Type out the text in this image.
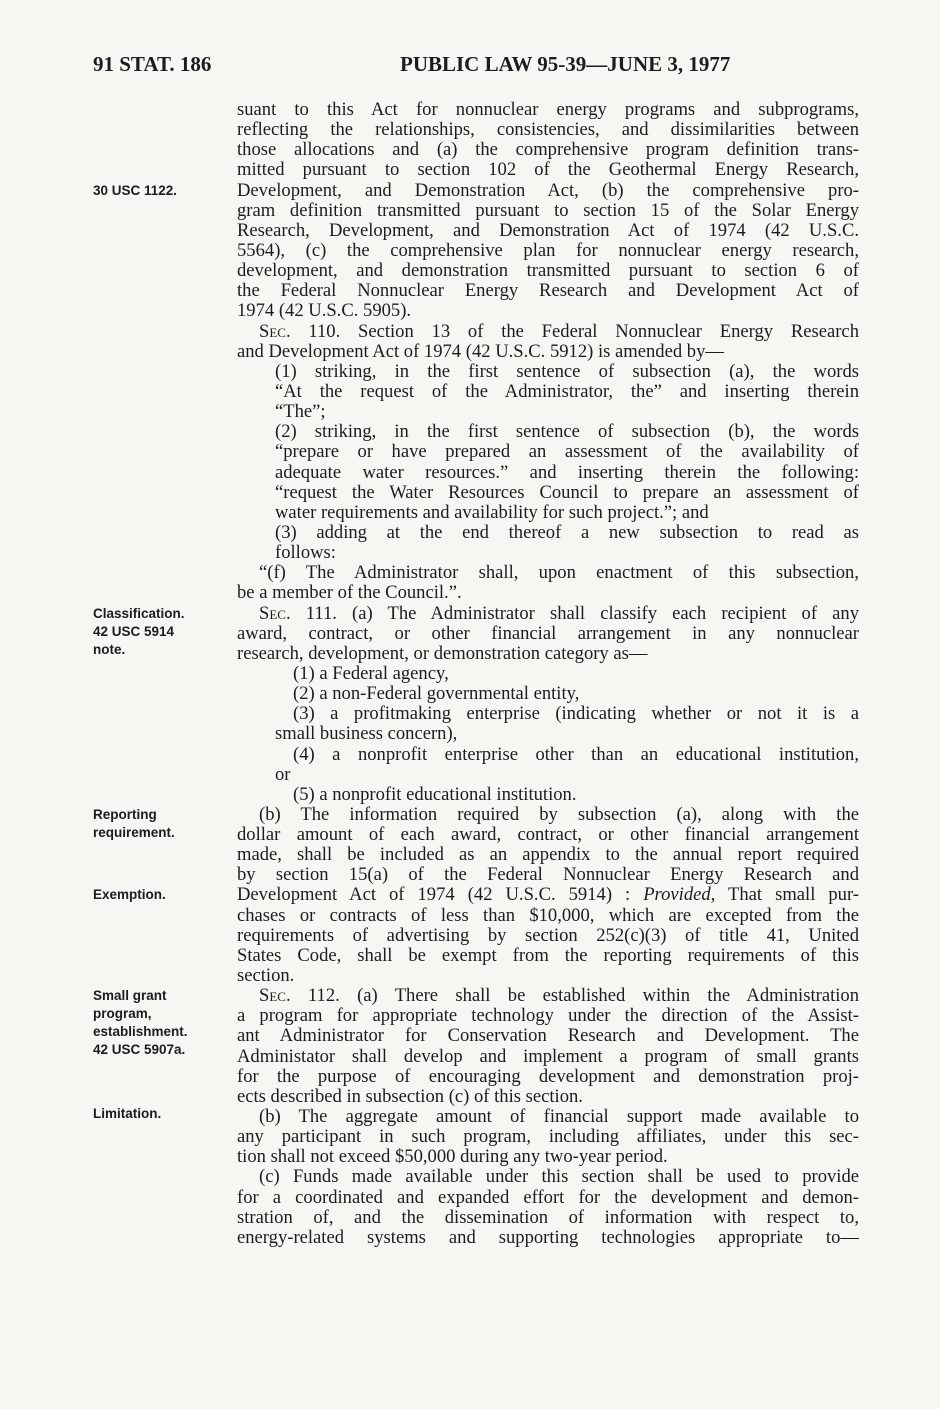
91 STAT. 186	PUBLIC LAW 95-39—JUNE 3, 1977
30 USC 1122.
Classification.
42 USC 5914
note.
Reporting
requirement.
Exemption.
Small grant
program,
establishment.
42 USC 5907a.
Limitation.
suant to this Act for nonnuclear energy programs and subprograms,
reflecting the relationships, consistencies, and dissimilarities between
those allocations and (a) the comprehensive program definition trans-
mitted pursuant to section 102 of the Geothermal Energy Research,
Development, and Demonstration Act, (b) the comprehensive pro-
gram definition transmitted pursuant to section 15 of the Solar Energy
Research, Development, and Demonstration Act of 1974 (42 U.S.C.
5564), (c) the comprehensive plan for nonnuclear energy research,
development, and demonstration transmitted pursuant to section 6 of
the Federal Nonnuclear Energy Research and Development Act of
1974 (42 U.S.C. 5905).
Sec. 110. Section 13 of the Federal Nonnuclear Energy Research
and Development Act of 1974 (42 U.S.C. 5912) is amended by—
(1) striking, in the first sentence of subsection (a), the words
“At the request of the Administrator, the” and inserting therein
“The”;
(2) striking, in the first sentence of subsection (b), the words
“prepare or have prepared an assessment of the availability of
adequate water resources.” and inserting therein the following:
“request the Water Resources Council to prepare an assessment of
water requirements and availability for such project.”; and
(3) adding at the end thereof a new subsection to read as
follows:
“(f) The Administrator shall, upon enactment of this subsection,
be a member of the Council.”.
Sec. 111. (a) The Administrator shall classify each recipient of any
award, contract, or other financial arrangement in any nonnuclear
research, development, or demonstration category as—
(1) a Federal agency,
(2) a non-Federal governmental entity,
(3) a profitmaking enterprise (indicating whether or not it is a
small business concern),
(4) a nonprofit enterprise other than an educational institution,
or
(5) a nonprofit educational institution.
(b) The information required by subsection (a), along with the
dollar amount of each award, contract, or other financial arrangement
made, shall be included as an appendix to the annual report required
by section 15(a) of the Federal Nonnuclear Energy Research and
Development Act of 1974 (42 U.S.C. 5914) : Provided, That small pur-
chases or contracts of less than $10,000, which are excepted from the
requirements of advertising by section 252(c)(3) of title 41, United
States Code, shall be exempt from the reporting requirements of this
section.
Sec. 112. (a) There shall be established within the Administration
a program for appropriate technology under the direction of the Assist-
ant Administrator for Conservation Research and Development. The
Administator shall develop and implement a program of small grants
for the purpose of encouraging development and demonstration proj-
ects described in subsection (c) of this section.
(b) The aggregate amount of financial support made available to
any participant in such program, including affiliates, under this sec-
tion shall not exceed $50,000 during any two-year period.
(c) Funds made available under this section shall be used to provide
for a coordinated and expanded effort for the development and demon-
stration of, and the dissemination of information with respect to,
energy-related systems and supporting technologies appropriate to—
